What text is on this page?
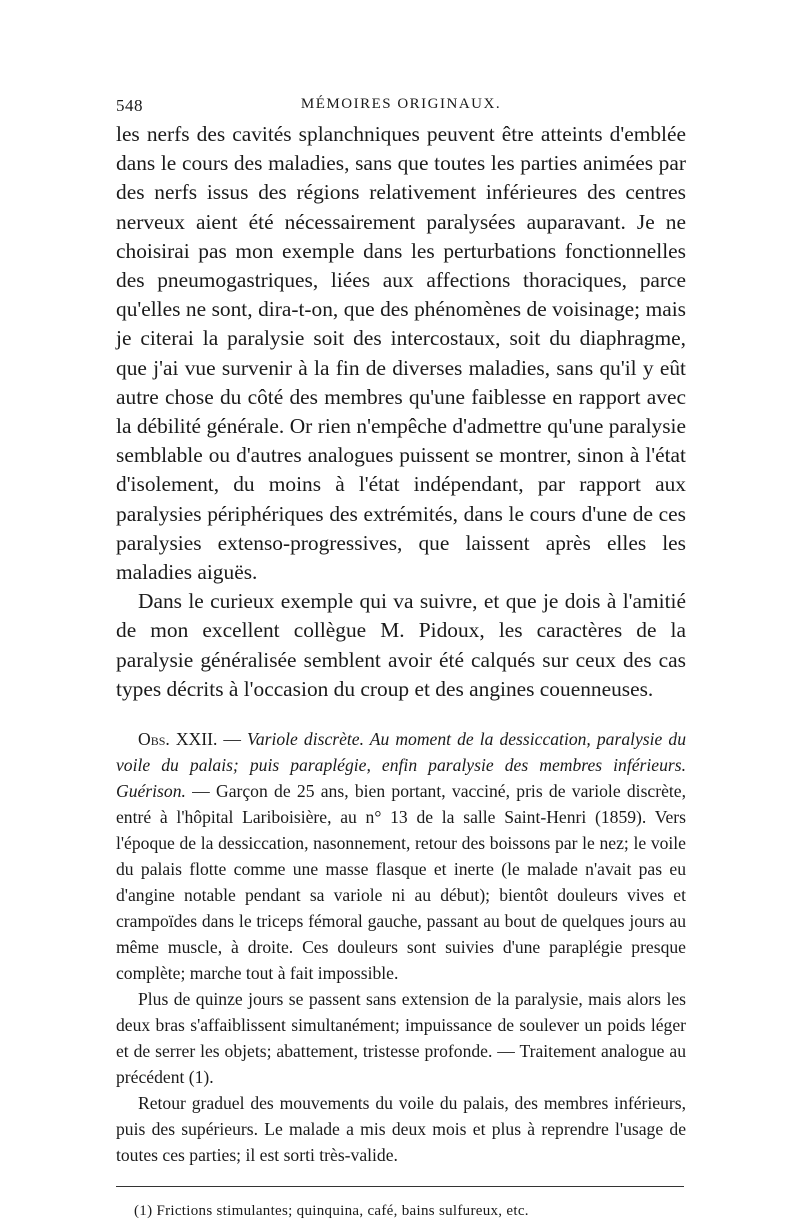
548	MÉMOIRES ORIGINAUX.

les nerfs des cavités splanchniques peuvent être atteints d'emblée dans le cours des maladies, sans que toutes les parties animées par des nerfs issus des régions relativement inférieures des centres nerveux aient été nécessairement paralysées auparavant. Je ne choisirai pas mon exemple dans les perturbations fonctionnelles des pneumogastriques, liées aux affections thoraciques, parce qu'elles ne sont, dira-t-on, que des phénomènes de voisinage; mais je citerai la paralysie soit des intercostaux, soit du diaphragme, que j'ai vue survenir à la fin de diverses maladies, sans qu'il y eût autre chose du côté des membres qu'une faiblesse en rapport avec la débilité générale. Or rien n'empêche d'admettre qu'une paralysie semblable ou d'autres analogues puissent se montrer, sinon à l'état d'isolement, du moins à l'état indépendant, par rapport aux paralysies périphériques des extrémités, dans le cours d'une de ces paralysies extenso-progressives, que laissent après elles les maladies aiguës.

Dans le curieux exemple qui va suivre, et que je dois à l'amitié de mon excellent collègue M. Pidoux, les caractères de la paralysie généralisée semblent avoir été calqués sur ceux des cas types décrits à l'occasion du croup et des angines couenneuses.

Obs. XXII. — Variole discrète. Au moment de la dessiccation, paralysie du voile du palais; puis paraplégie, enfin paralysie des membres inférieurs. Guérison. — Garçon de 25 ans, bien portant, vacciné, pris de variole discrète, entré à l'hôpital Lariboisière, au n° 13 de la salle Saint-Henri (1859). Vers l'époque de la dessiccation, nasonnement, retour des boissons par le nez; le voile du palais flotte comme une masse flasque et inerte (le malade n'avait pas eu d'angine notable pendant sa variole ni au début); bientôt douleurs vives et crampoïdes dans le triceps fémoral gauche, passant au bout de quelques jours au même muscle, à droite. Ces douleurs sont suivies d'une paraplégie presque complète; marche tout à fait impossible.

Plus de quinze jours se passent sans extension de la paralysie, mais alors les deux bras s'affaiblissent simultanément; impuissance de soulever un poids léger et de serrer les objets; abattement, tristesse profonde. — Traitement analogue au précédent (1).

Retour graduel des mouvements du voile du palais, des membres inférieurs, puis des supérieurs. Le malade a mis deux mois et plus à reprendre l'usage de toutes ces parties; il est sorti très-valide.

(1) Frictions stimulantes; quinquina, café, bains sulfureux, etc.
